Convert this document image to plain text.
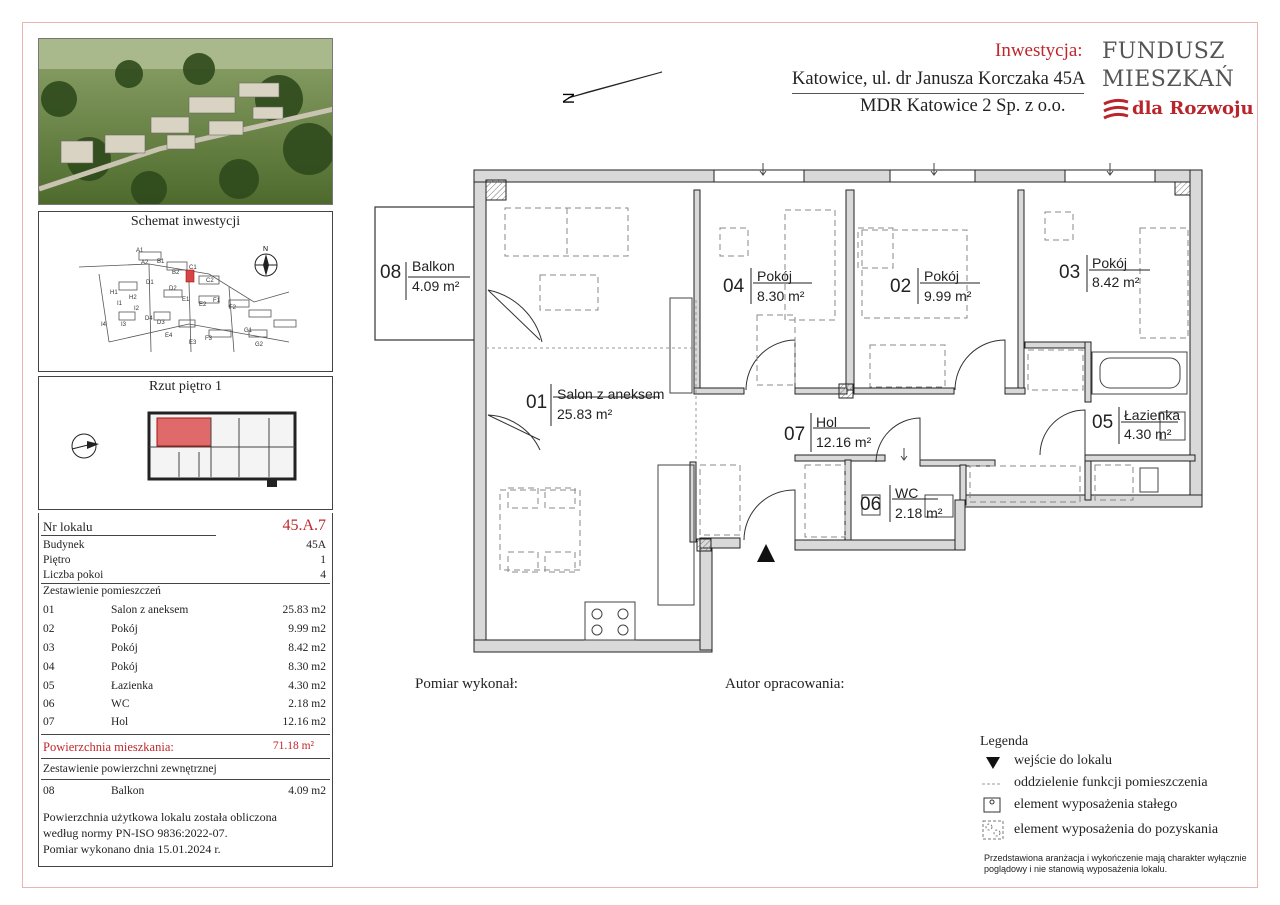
Schemat inwestycji
A1
A2 B1
B2
C1
C2
D1
D2
H1
H2
I1
I2
I3
I4	D3
D4
E1
E2
E3
E4
F1
F2
F3
G1
G2
N
Rzut piętro 1
Nr lokalu	45.A.7
Budynek	45A
Piętro	1
Liczba pokoi	4
Zestawienie pomieszczeń
01	Salon z aneksem	25.83 m2
02	Pokój	9.99 m2
03	Pokój	8.42 m2
04	Pokój	8.30 m2
05	Łazienka	4.30 m2
06	WC	2.18 m2
07	Hol	12.16 m2
Powierzchnia mieszkania:	71.18 m²
Zestawienie powierzchni zewnętrznej
08	Balkon	4.09 m2
Powierzchnia użytkowa lokalu została obliczona
według normy PN-ISO 9836:2022-07.
Pomiar wykonano dnia 15.01.2024 r.
Inwestycja:
Katowice, ul. dr Janusza Korczaka 45A
MDR Katowice 2 Sp. z o.o.
FUNDUSZ
MIESZKAŃ
dla Rozwoju
N
08 Balkon
4.09 m²
01 Salon z aneksem
25.83 m²
04 Pokój
8.30 m²	02 Pokój
9.99 m²
03 Pokój
8.42 m²
07
Hol
12.16 m²
05 Łazienka
4.30 m²
06
WC
2.18 m²
Pomiar wykonał:	Autor opracowania:
Legenda
wejście do lokalu
oddzielenie funkcji pomieszczenia
element wyposażenia stałego
element wyposażenia do pozyskania
Przedstawiona aranżacja i wykończenie mają charakter wyłącznie poglądowy i nie stanowią wyposażenia lokalu.
